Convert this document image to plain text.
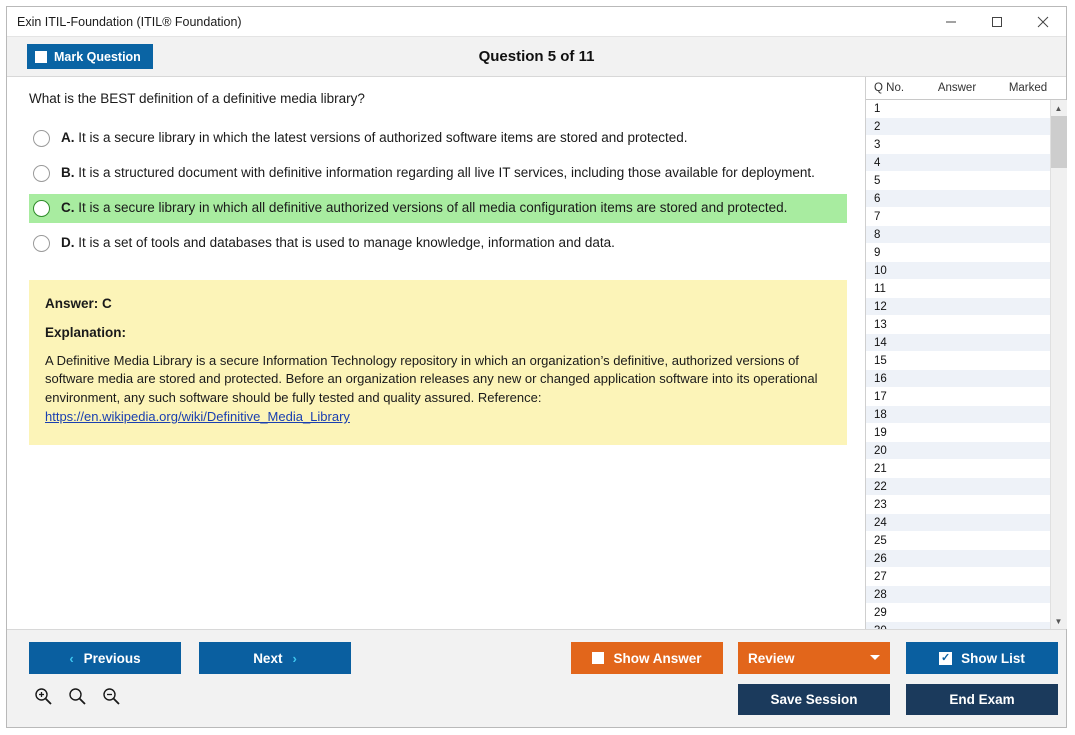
Exin ITIL-Foundation (ITIL® Foundation)
Mark Question	Question 5 of 11
What is the BEST definition of a definitive media library?
A. It is a secure library in which the latest versions of authorized software items are stored and protected.
B. It is a structured document with definitive information regarding all live IT services, including those available for deployment.
C. It is a secure library in which all definitive authorized versions of all media configuration items are stored and protected.
D. It is a set of tools and databases that is used to manage knowledge, information and data.
Answer: C
Explanation:
A Definitive Media Library is a secure Information Technology repository in which an organization’s definitive, authorized versions of software media are stored and protected. Before an organization releases any new or changed application software into its operational environment, any such software should be fully tested and quality assured. Reference:
https://en.wikipedia.org/wiki/Definitive_Media_Library
Q No.	Answer	Marked
1
2
3
4
5
6
7
8
9
10
11
12
13
14
15
16
17
18
19
20
21
22
23
24
25
26
27
28
29
▲
▼
‹ Previous	Next ›	Show Answer	Review	✓ Show List
Save Session	End Exam
